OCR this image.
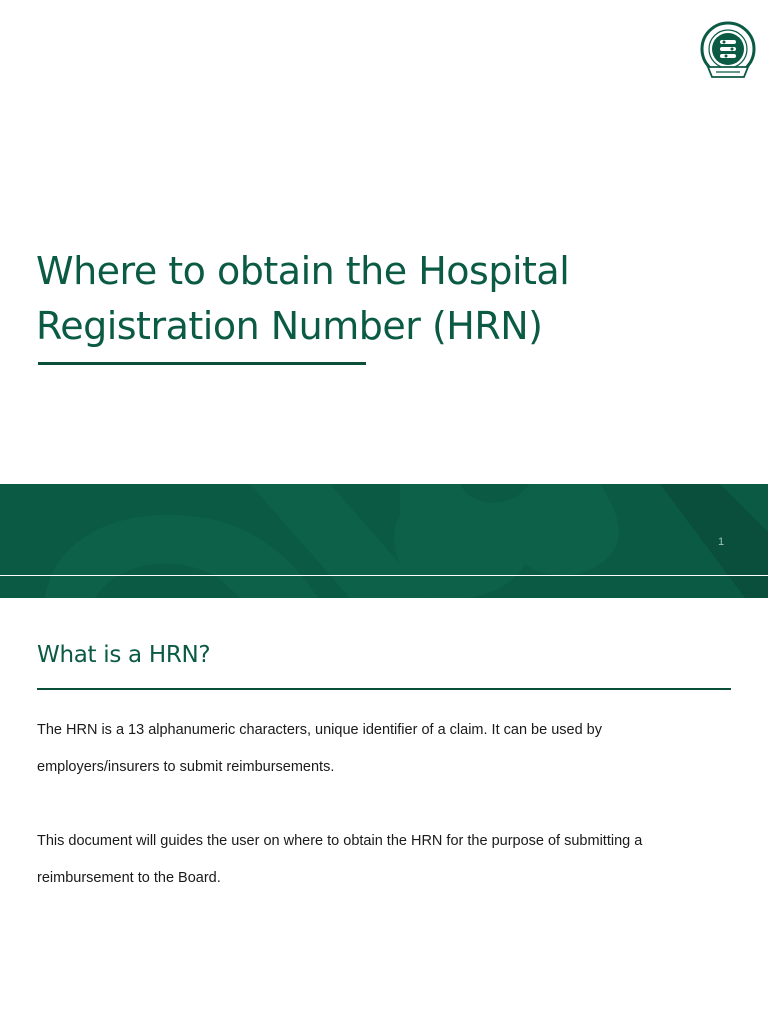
Where to obtain the Hospital Registration Number (HRN)
1
What is a HRN?

The HRN is a 13 alphanumeric characters, unique identifier of a claim. It can be used by employers/insurers to submit reimbursements.

This document will guides the user on where to obtain the HRN for the purpose of submitting a reimbursement to the Board.
